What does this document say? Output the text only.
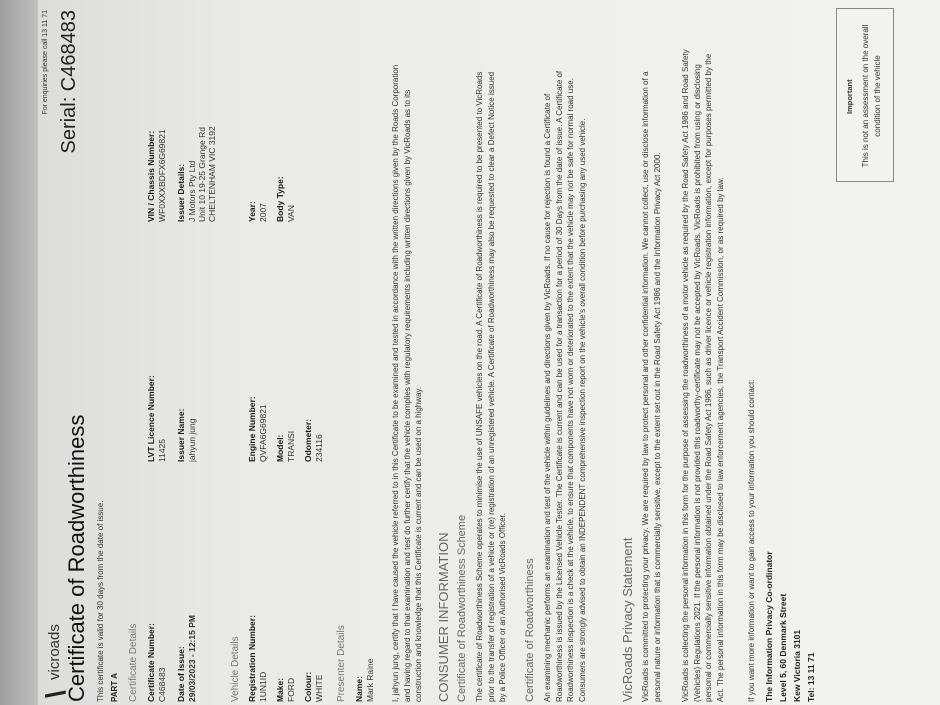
\
vicroads
For enquiries please call 13 11 71 Serial: C468483
Certificate of Roadworthiness This certificate is valid for 30 days from the date of issue. PART A Certificate Details Certificate Number: C468483
LVT Licence Number: 11425
VIN / Chassis Number: WF0XXXBDFX6G69821
Date of Issue: 29/03/2023 - 12:15 PM
Issuer Name: jahyun jung
Issuer Details: J Motors Pty Ltd Unit 10 19-25 Grange Rd CHELTENHAM VIC 3192
Vehicle Details Registration Number: 1UN1ID
Engine Number: QVFA6G69821
Year: 2007
Make: FORD
Model: TRANSI
Body Type: VAN
Colour: WHITE
Odometer: 234116
Presenter Details Name: Mark Raine I, jahyun jung, certify that I have caused the vehicle referred to in this Certificate to be examined and tested in accordance with the written directions given by the Roads Corporation and having regard to that examination and test do further certify that the vehicle complies with regulatory requirements including written directions given by VicRoads as to its construction and knowledge that this Certificate is current and can be used on a highway. CONSUMER INFORMATION Certificate of Roadworthiness Scheme The certificate of Roadworthiness Scheme operates to minimise the use of UNSAFE vehicles on the road. A Certificate of Roadworthiness is required to be presented to VicRoads prior to the transfer of registration of a vehicle or (re) registration of an unregistered vehicle. A Certificate of Roadworthiness may also be requested to clear a Defect Notice issued by a Police Officer or an Authorised VicRoads Officer. Certificate of Roadworthiness An examining mechanic performs an examination and test of the vehicle within guidelines and directions given by VicRoads. If no cause for rejection is found a Certificate of Roadworthiness is issued by the Licensed Vehicle Tester. The Certificate is current and can be used for a transaction for a period of 30 Days from the date of issue. A Certificate of Roadworthiness inspection is a check at the vehicle, to ensure that components have not worn or deteriorated to the extent that the vehicle may not be safe for normal road use. Consumers are strongly advised to obtain an INDEPENDENT comprehensive inspection report on the vehicle's overall condition before purchasing any used vehicle.	VicRoads Privacy Statement VicRoads is committed to protecting your privacy. We are required by law to protect personal and other confidential information. We cannot collect, use or disclose information of a personal nature or information that is commercially sensitive, except to the extent set out in the Road Safety Act 1986 and the Information Privacy Act 2000. VicRoads is collecting the personal information in this form for the purpose of assessing the roadworthiness of a motor vehicle as required by the Road Safety Act 1986 and Road Safety (Vehicles) Regulations 2021. If the personal information is not provided this roadworthy-certificate may not be accepted by VicRoads. VicRoads is prohibited from using or disclosing personal or commercially sensitive information obtained under the Road Safety Act 1986, such as driver licence or vehicle registration information, except for purposes permitted by the Act. The personal information in this form may be disclosed to law enforcement agencies, the Transport Accident Commission, or as required by law.	If you want more information or want to gain access to your information you should contact: The Information Privacy Co-ordinator Level 5, 60 Denmark Street Kew Victoria 3101 Tel: 13 11 71
Important This is not an assessment on the overall condition of the vehicle
